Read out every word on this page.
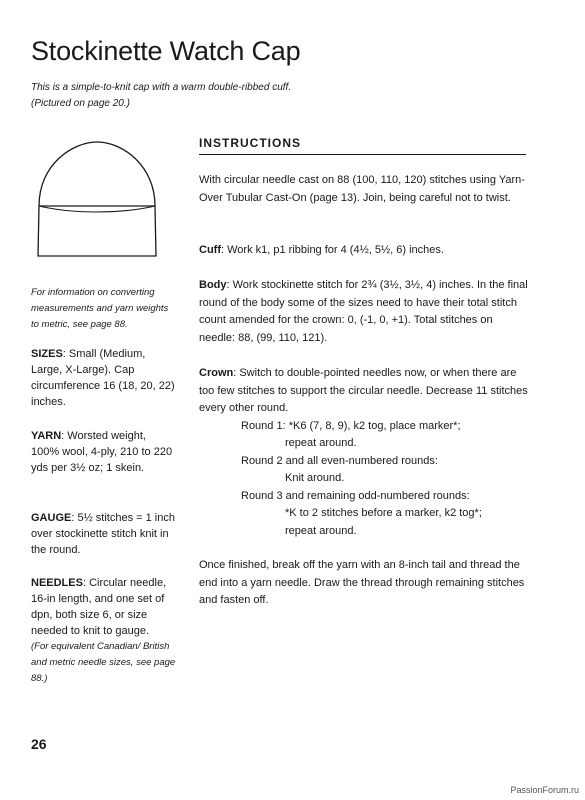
Stockinette Watch Cap
This is a simple-to-knit cap with a warm double-ribbed cuff.
(Pictured on page 20.)
For information on converting measurements and yarn weights to metric, see page 88.

SIZES: Small (Medium, Large, X-Large). Cap circumference 16 (18, 20, 22) inches.

YARN: Worsted weight, 100% wool, 4-ply, 210 to 220 yds per 3½ oz; 1 skein.

GAUGE: 5½ stitches = 1 inch over stockinette stitch knit in the round.

NEEDLES: Circular needle, 16-in length, and one set of dpn, both size 6, or size needed to knit to gauge.

(For equivalent Canadian/ British and metric needle sizes, see page 88.)

INSTRUCTIONS

With circular needle cast on 88 (100, 110, 120) stitches using Yarn-Over Tubular Cast-On (page 13). Join, being careful not to twist.

Cuff: Work k1, p1 ribbing for 4 (4½, 5½, 6) inches.

Body: Work stockinette stitch for 2¾ (3½, 3½, 4) inches. In the final round of the body some of the sizes need to have their total stitch count amended for the crown: 0, (-1, 0, +1). Total stitches on needle: 88, (99, 110, 121).

Crown: Switch to double-pointed needles now, or when there are too few stitches to support the circular needle. Decrease 11 stitches every other round.

Round 1: *K6 (7, 8, 9), k2 tog, place marker*;

repeat around.

Round 2 and all even-numbered rounds:

Knit around.

Round 3 and remaining odd-numbered rounds:

*K to 2 stitches before a marker, k2 tog*;

repeat around.

Once finished, break off the yarn with an 8-inch tail and thread the end into a yarn needle. Draw the thread through remaining stitches and fasten off.

26
PassionForum.ru
